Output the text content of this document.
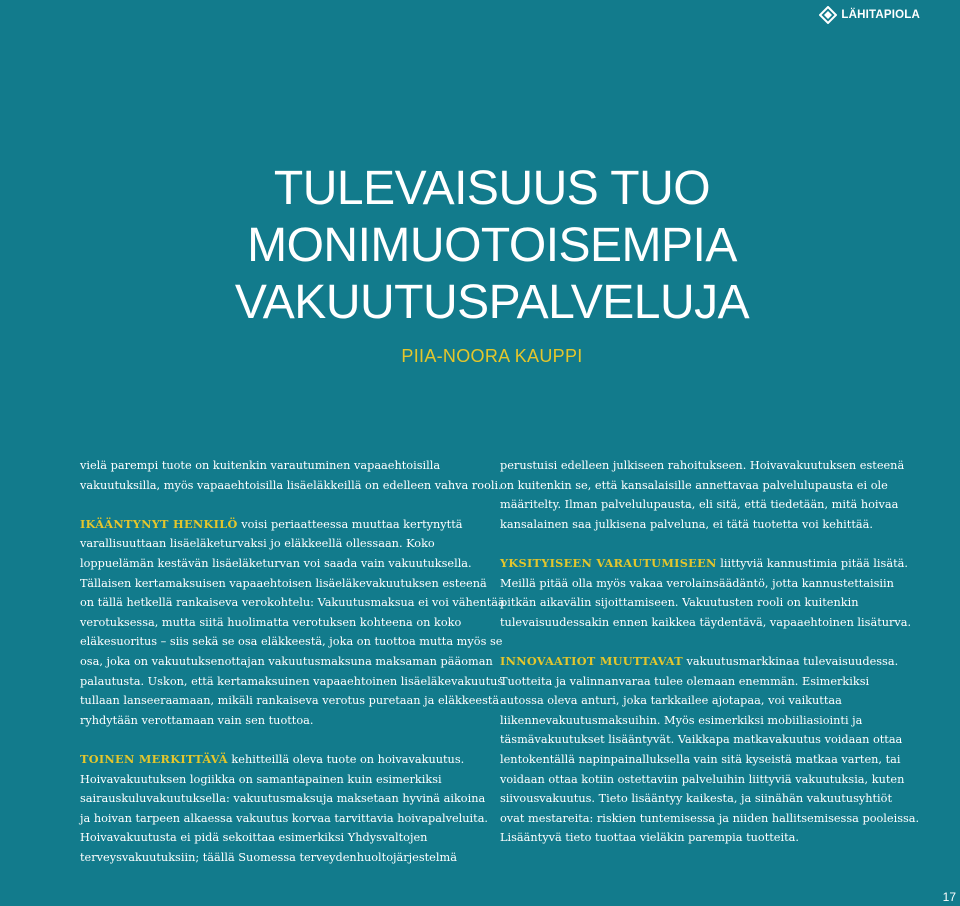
LÄHITAPIOLA
TULEVAISUUS TUO
MONIMUOTOISEMPIA
VAKUUTUSPALVELUJA
PIIA-NOORA KAUPPI
vielä parempi tuote on kuitenkin varautuminen vapaaehtoisilla
vakuutuksilla, myös vapaaehtoisilla lisäeläkkeillä on edelleen vahva rooli.
IKÄÄNTYNYT HENKILÖ voisi periaatteessa muuttaa kertynyttä
varallisuuttaan lisäeläketurvaksi jo eläkkeellä ollessaan. Koko
loppuelämän kestävän lisäeläketurvan voi saada vain vakuutuksella.
Tällaisen kertamaksuisen vapaaehtoisen lisäeläkevakuutuksen esteenä
on tällä hetkellä rankaiseva verokohtelu: Vakuutusmaksua ei voi vähentää
verotuksessa, mutta siitä huolimatta verotuksen kohteena on koko
eläkesuoritus – siis sekä se osa eläkkeestä, joka on tuottoa mutta myös se
osa, joka on vakuutuksenottajan vakuutusmaksuna maksaman pääoman
palautusta. Uskon, että kertamaksuinen vapaaehtoinen lisäeläkevakuutus
tullaan lanseeraamaan, mikäli rankaiseva verotus puretaan ja eläkkeestä
ryhdytään verottamaan vain sen tuottoa.
TOINEN MERKITTÄVÄ kehitteillä oleva tuote on hoivavakuutus.
Hoivavakuutuksen logiikka on samantapainen kuin esimerkiksi
sairauskuluvakuutuksella: vakuutusmaksuja maksetaan hyvinä aikoina
ja hoivan tarpeen alkaessa vakuutus korvaa tarvittavia hoivapalveluita.
Hoivavakuutusta ei pidä sekoittaa esimerkiksi Yhdysvaltojen
terveysvakuutuksiin; täällä Suomessa terveydenhuoltojärjestelmä
perustuisi edelleen julkiseen rahoitukseen. Hoivavakuutuksen esteenä
on kuitenkin se, että kansalaisille annettavaa palvelulupausta ei ole
määritelty. Ilman palvelulupausta, eli sitä, että tiedetään, mitä hoivaa
kansalainen saa julkisena palveluna, ei tätä tuotetta voi kehittää.
YKSITYISEEN VARAUTUMISEEN liittyviä kannustimia pitää lisätä.
Meillä pitää olla myös vakaa verolainsäädäntö, jotta kannustettaisiin
pitkän aikavälin sijoittamiseen. Vakuutusten rooli on kuitenkin
tulevaisuudessakin ennen kaikkea täydentävä, vapaaehtoinen lisäturva.
INNOVAATIOT MUUTTAVAT vakuutusmarkkinaa tulevaisuudessa.
Tuotteita ja valinnanvaraa tulee olemaan enemmän. Esimerkiksi
autossa oleva anturi, joka tarkkailee ajotapaa, voi vaikuttaa
liikennevakuutusmaksuihin. Myös esimerkiksi mobiiliasiointi ja
täsmävakuutukset lisääntyvät. Vaikkapa matkavakuutus voidaan ottaa
lentokentällä napinpainalluksella vain sitä kyseistä matkaa varten, tai
voidaan ottaa kotiin ostettaviin palveluihin liittyviä vakuutuksia, kuten
siivousvakuutus. Tieto lisääntyy kaikesta, ja siinähän vakuutusyhtiöt
ovat mestareita: riskien tuntemisessa ja niiden hallitsemisessa pooleissa.
Lisääntyvä tieto tuottaa vieläkin parempia tuotteita.
17
